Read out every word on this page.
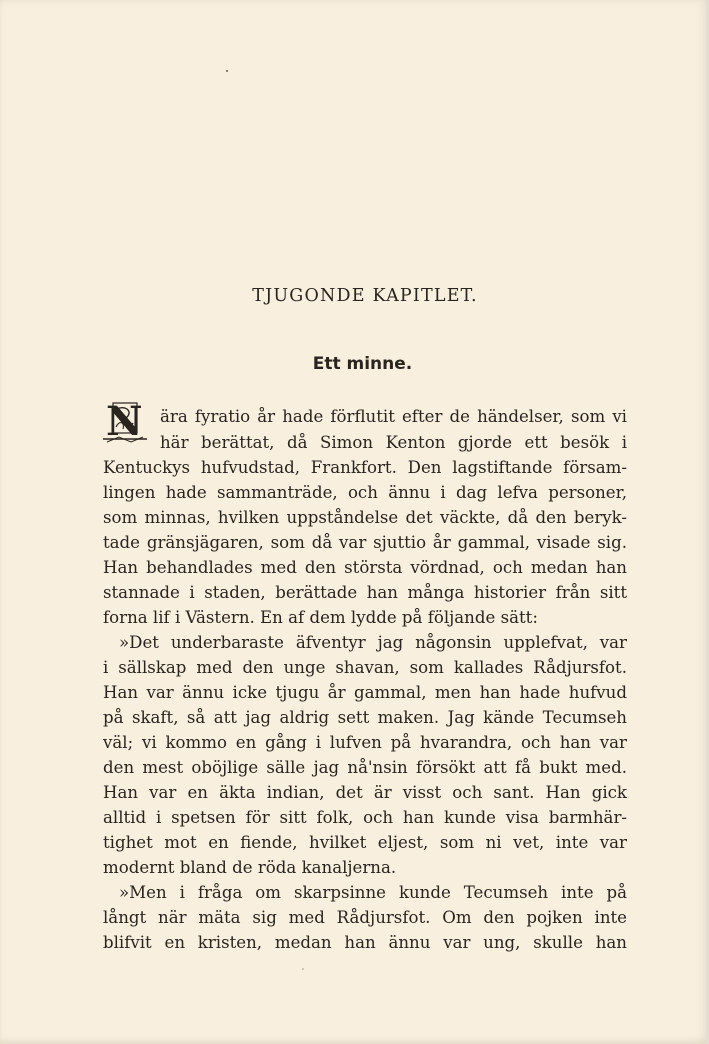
TJUGONDE KAPITLET.
Ett minne.
N ära fyratio år hade förflutit efter de händelser, som vi
här berättat, då Simon Kenton gjorde ett besök i
Kentuckys hufvudstad, Frankfort. Den lagstiftande försam-
lingen hade sammanträde, och ännu i dag lefva personer,
som minnas, hvilken uppståndelse det väckte, då den beryk-
tade gränsjägaren, som då var sjuttio år gammal, visade sig.
Han behandlades med den största vördnad, och medan han
stannade i staden, berättade han många historier från sitt
forna lif i Västern. En af dem lydde på följande sätt:
»Det underbaraste äfventyr jag någonsin upplefvat, var
i sällskap med den unge shavan, som kallades Rådjursfot.
Han var ännu icke tjugu år gammal, men han hade hufvud
på skaft, så att jag aldrig sett maken. Jag kände Tecumseh
väl; vi kommo en gång i lufven på hvarandra, och han var
den mest oböjlige sälle jag nå'nsin försökt att få bukt med.
Han var en äkta indian, det är visst och sant. Han gick
alltid i spetsen för sitt folk, och han kunde visa barmhär-
tighet mot en fiende, hvilket eljest, som ni vet, inte var
modernt bland de röda kanaljerna.
»Men i fråga om skarpsinne kunde Tecumseh inte på
långt när mäta sig med Rådjursfot. Om den pojken inte
blifvit en kristen, medan han ännu var ung, skulle han
